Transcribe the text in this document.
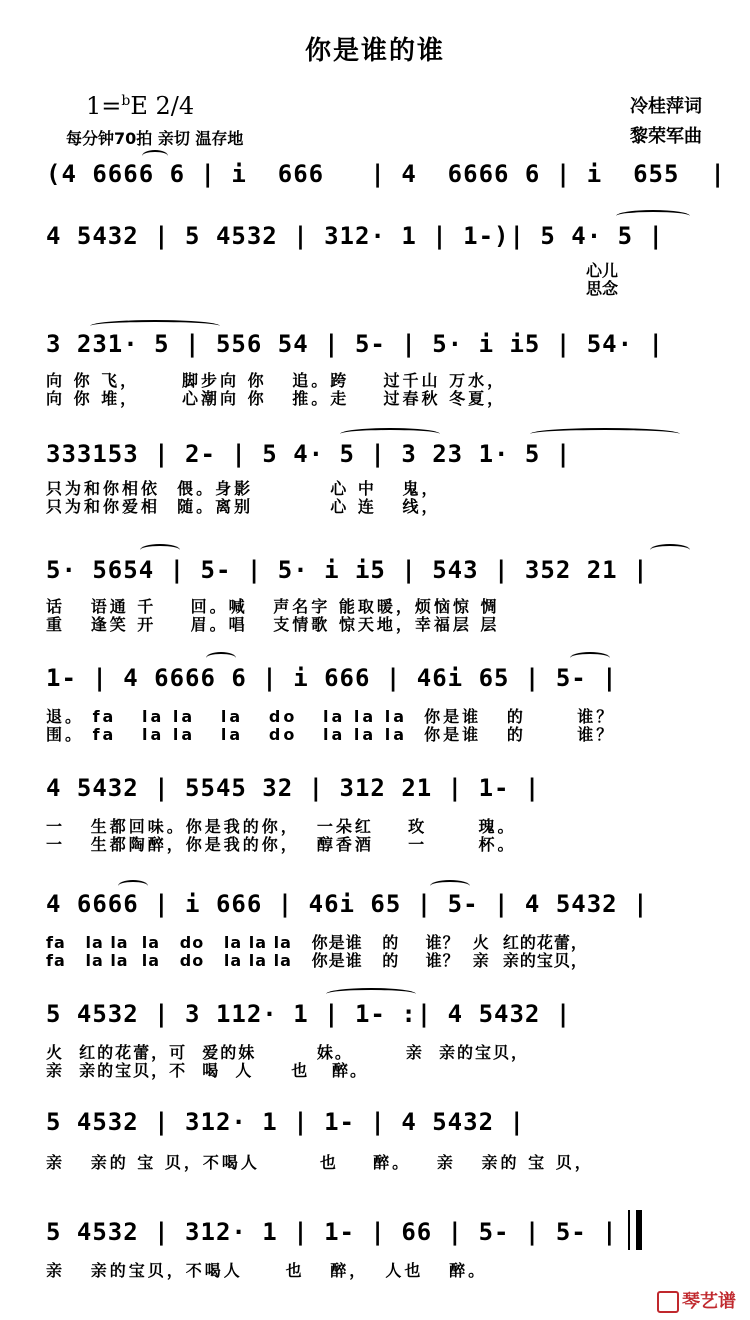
你是谁的谁
1=$^b$E 2/4
每分钟70拍 亲切 温存地
冷桂萍词
黎荣军曲
(4 6666 6 | i  666   | 4  6666 6 | i  655  |
4 5432 | 5 4532 | 312· 1 | 1-)| 5 4· 5 |
心儿
思念
3 231· 5 | 556 54 | 5- | 5· i i5 | 54· |
向 你 飞，     脚步向 你   追。跨    过千山 万水，
向 你 堆，     心潮向 你   推。走    过春秋 冬夏，
333153 | 2- | 5 4· 5 | 3 23 1· 5 |
只为和你相依  偎。身影         心 中   鬼，
只为和你爱相  随。离别         心 连   线，
5· 5654 | 5- | 5· i i5 | 543 | 352 21 |
话   语通 千    回。喊   声名字 能取暖，烦恼惊 惆
重   逢笑 开    眉。唱   支情歌 惊天地，幸福层 层
1- | 4 6666 6 | i 666 | 46i 65 | 5- |
退。 fa   la la   la   do   la la la  你是谁   的      谁？
围。 fa   la la   la   do   la la la  你是谁   的      谁？
4 5432 | 5545 32 | 312 21 | 1- |
一   生都回味。你是我的你，  一朵红    玫      瑰。
一   生都陶醉，你是我的你，  醇香酒    一      杯。
4 6666 | i 666 | 46i 65 | 5- | 4 5432 |
fa   la la  la   do   la la la   你是谁   的    谁？  火  红的花蕾，
fa   la la  la   do   la la la   你是谁   的    谁？  亲  亲的宝贝，
5 4532 | 3 112· 1 | 1- :| 4 5432 |
火  红的花蕾，可  爱的妹        妹。       亲  亲的宝贝，
亲  亲的宝贝，不  喝  人     也   醉。
5 4532 | 312· 1 | 1- | 4 5432 |
亲   亲的 宝 贝，不喝人       也    醉。   亲   亲的 宝 贝，
5 4532 | 312· 1 | 1- | 66 | 5- | 5- |
亲   亲的宝贝，不喝人     也   醉，  人也   醉。
琴艺谱
